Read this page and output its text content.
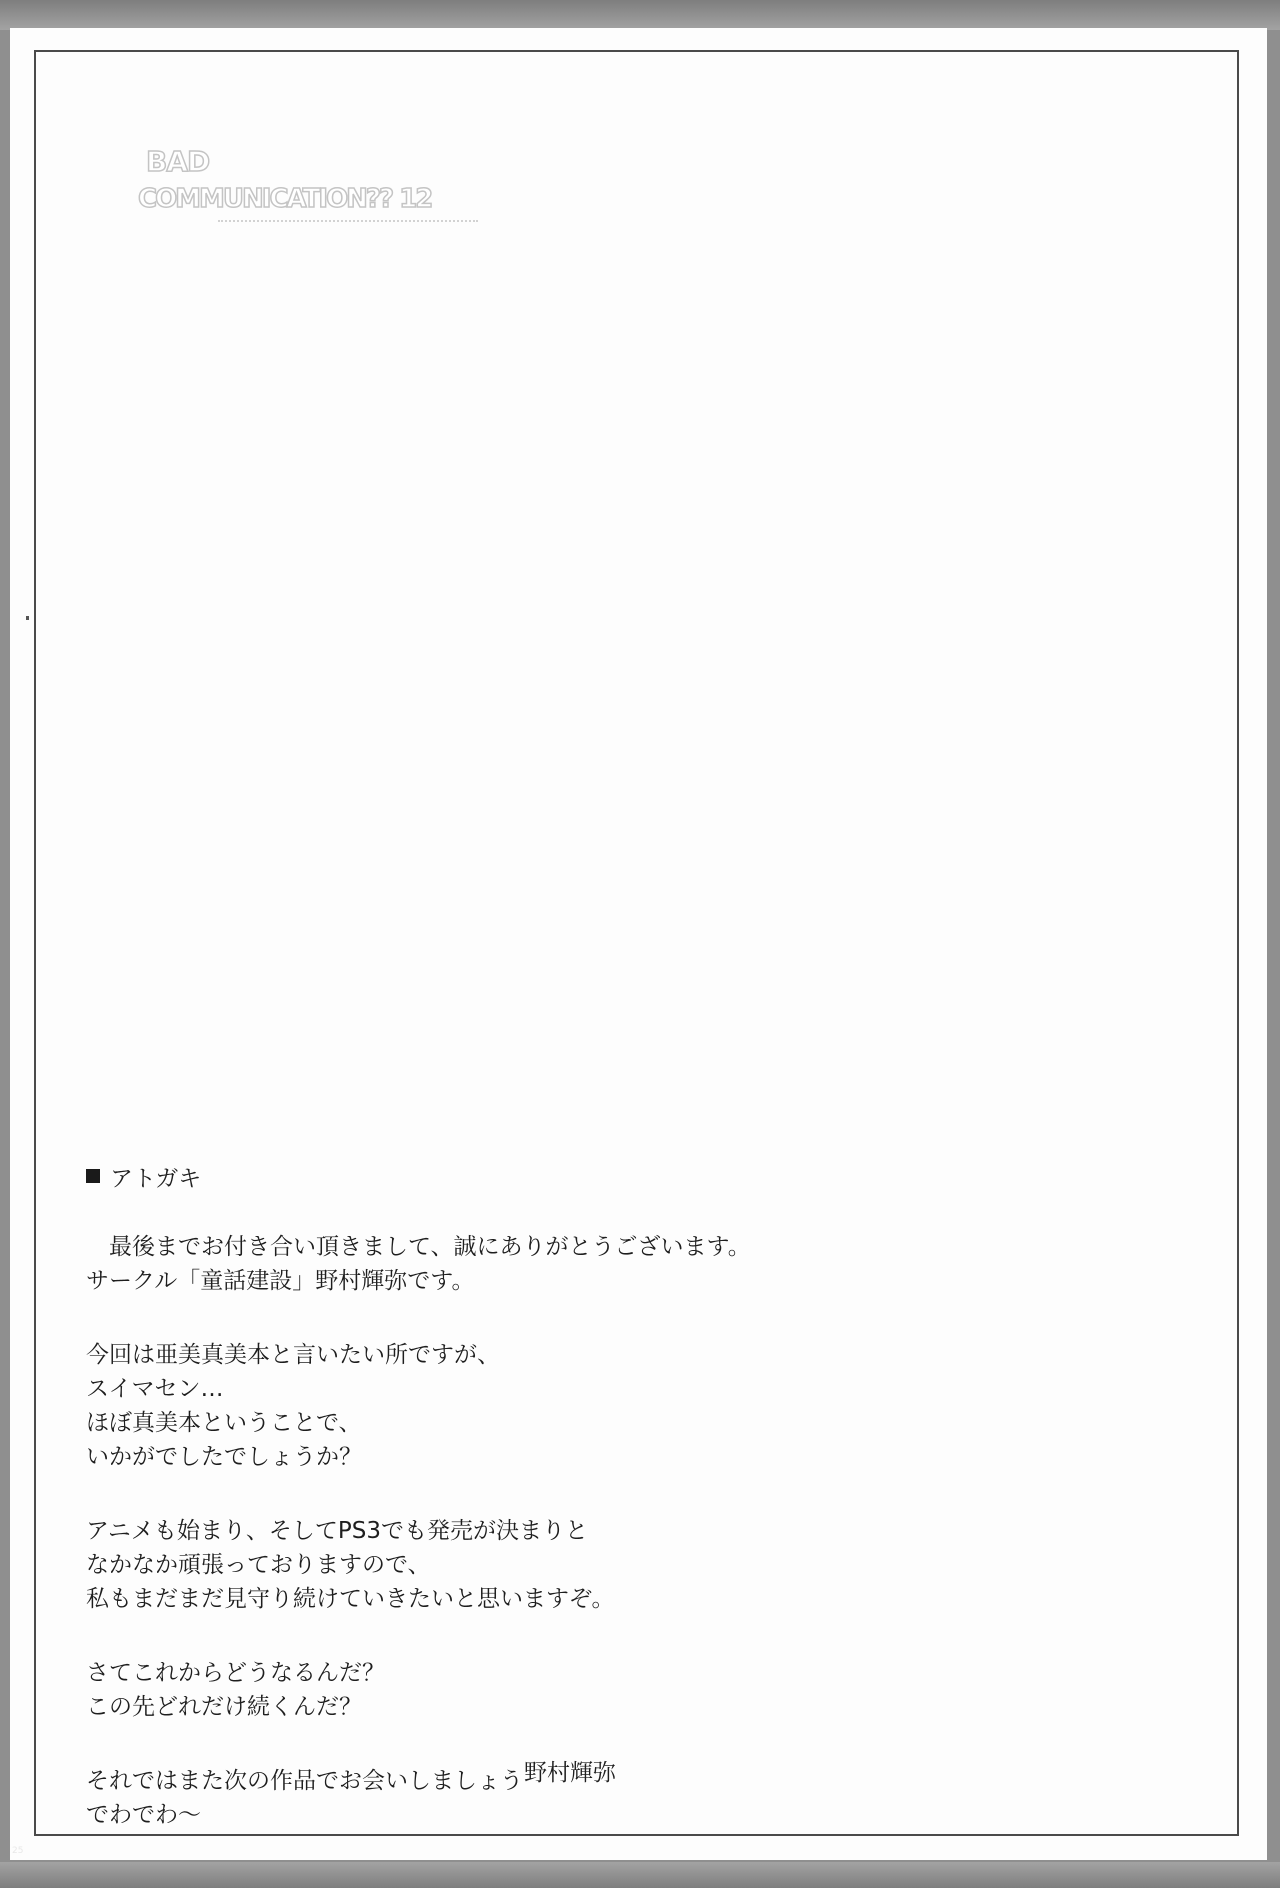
BAD
COMMUNICATION?? 12
25
アトガキ
　最後までお付き合い頂きまして、誠にありがとうございます。
サークル「童話建設」野村輝弥です。
今回は亜美真美本と言いたい所ですが、
スイマセン…
ほぼ真美本ということで、
いかがでしたでしょうか？
アニメも始まり、そしてPS3でも発売が決まりと
なかなか頑張っておりますので、
私もまだまだ見守り続けていきたいと思いますぞ。
さてこれからどうなるんだ？
この先どれだけ続くんだ？
それではまた次の作品でお会いしましょう
でわでわ～
野村輝弥
